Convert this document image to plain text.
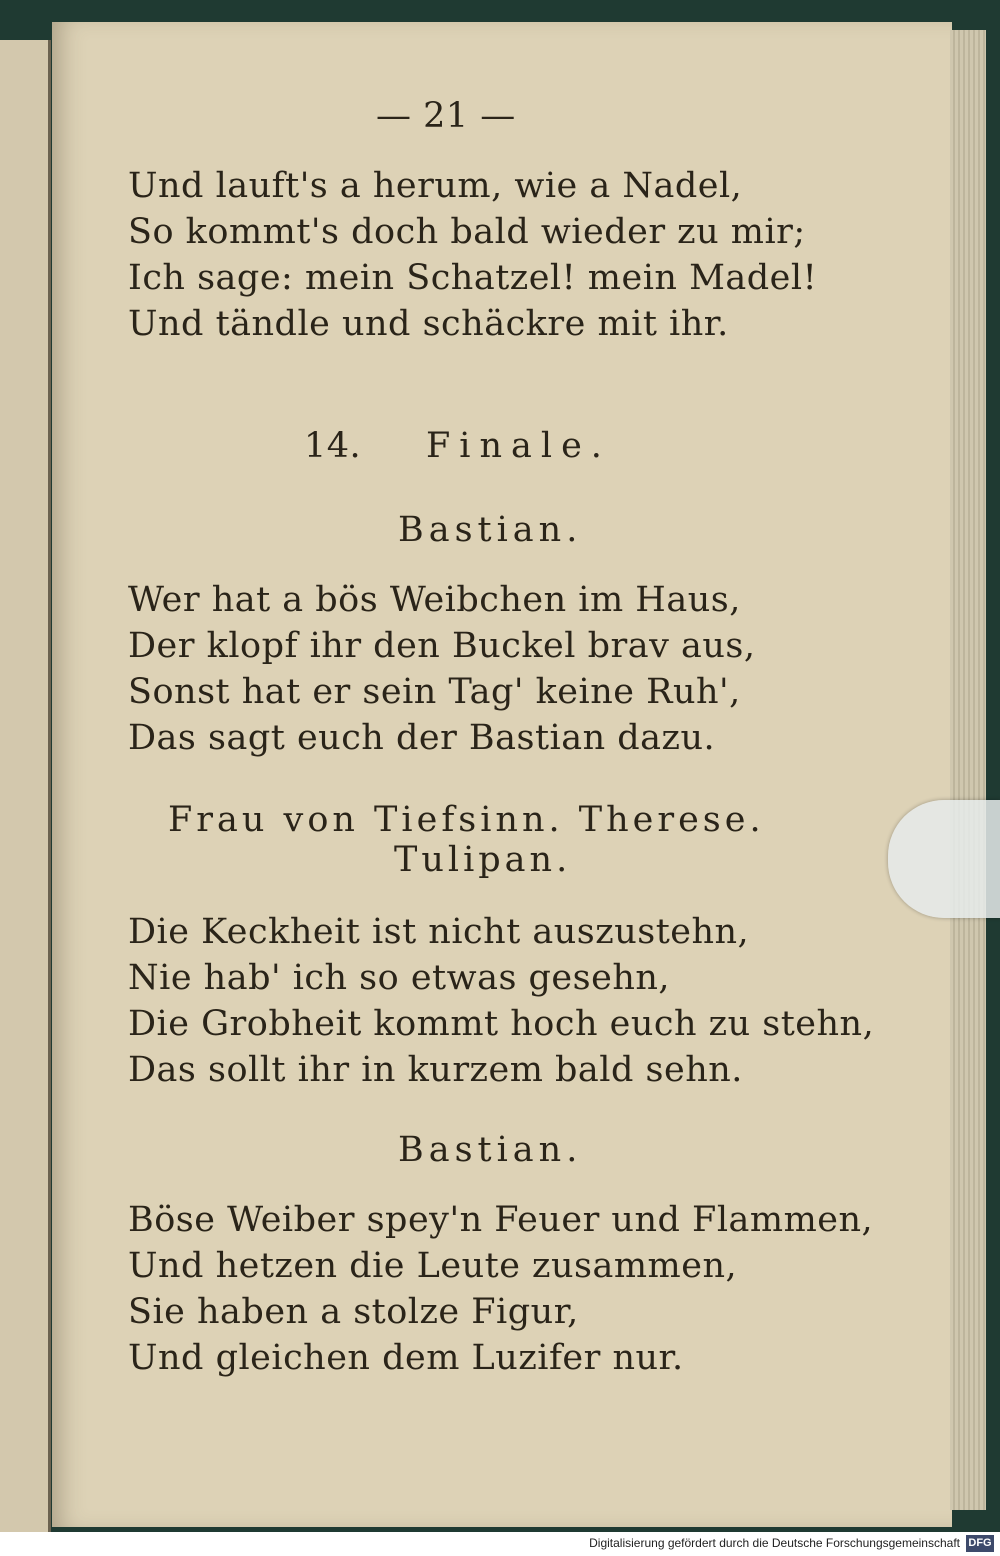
— 21 —
Und lauft's a herum, wie a Nadel,
So kommt's doch bald wieder zu mir;
Ich sage: mein Schatzel! mein Madel!
Und tändle und schäckre mit ihr.
14. Finale.
Bastian.
Wer hat a bös Weibchen im Haus,
Der klopf ihr den Buckel brav aus,
Sonst hat er sein Tag' keine Ruh',
Das sagt euch der Bastian dazu.
Frau von Tiefsinn. Therese.
Tulipan.
Die Keckheit ist nicht auszustehn,
Nie hab' ich so etwas gesehn,
Die Grobheit kommt hoch euch zu stehn,
Das sollt ihr in kurzem bald sehn.
Bastian.
Böse Weiber spey'n Feuer und Flammen,
Und hetzen die Leute zusammen,
Sie haben a stolze Figur,
Und gleichen dem Luzifer nur.
Digitalisierung gefördert durch die Deutsche Forschungsgemeinschaft DFG
